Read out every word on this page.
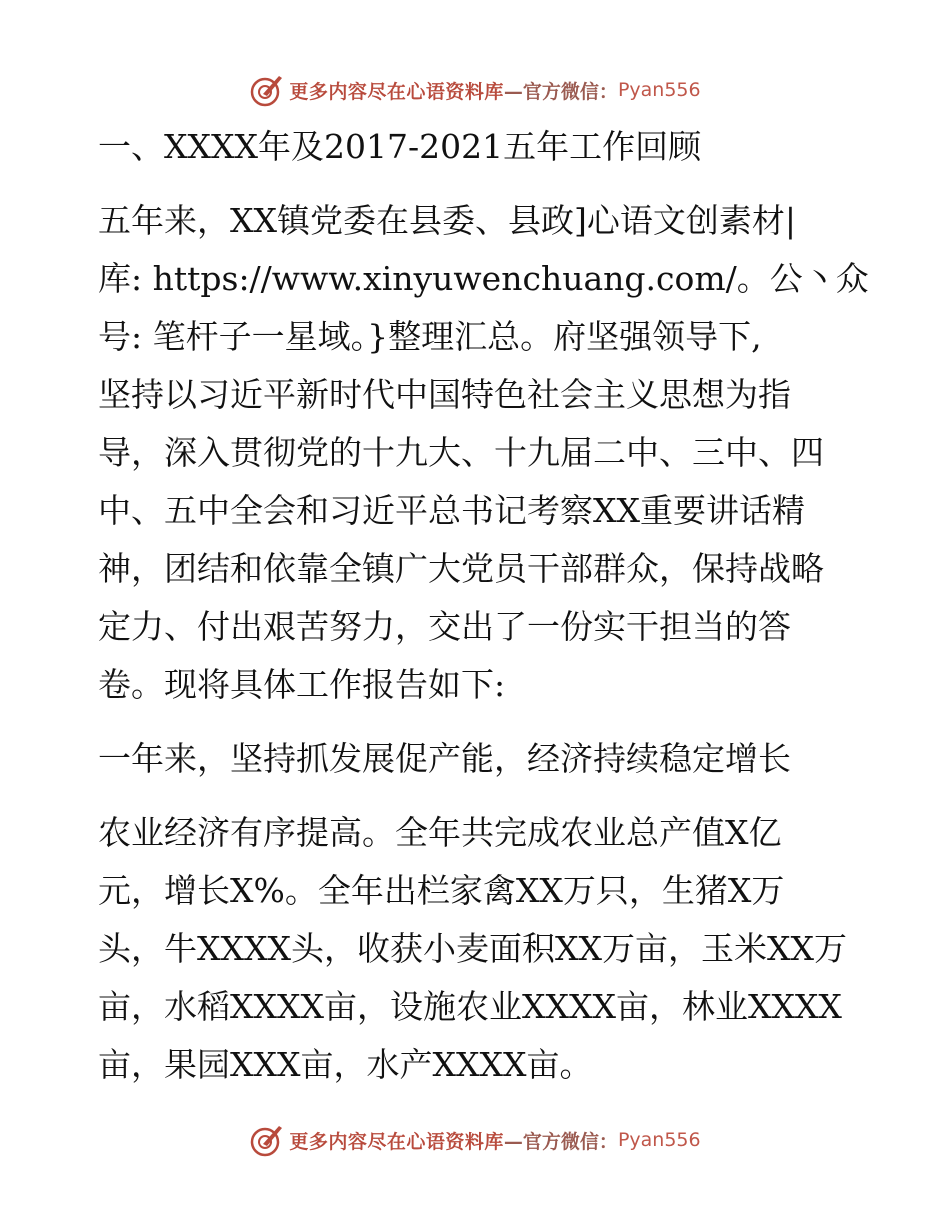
更多内容尽在心语资料库 —官方微信： Pyan556
一、XXXX年及2017-2021五年工作回顾
五年来，XX镇党委在县委、县政]心语文创素材|
库: https://www.xinyuwenchuang.com/。公丶众
号: 笔杆子一星域。}整理汇总。府坚强领导下,
坚持以习近平新时代中国特色社会主义思想为指
导，深入贯彻党的十九大、十九届二中、三中、四
中、五中全会和习近平总书记考察XX重要讲话精
神，团结和依靠全镇广大党员干部群众，保持战略
定力、付出艰苦努力，交出了一份实干担当的答
卷。现将具体工作报告如下:
一年来，坚持抓发展促产能，经济持续稳定增长
农业经济有序提高。全年共完成农业总产值X亿
元，增长X%。全年出栏家禽XX万只，生猪X万
头，牛XXXX头，收获小麦面积XX万亩，玉米XX万
亩，水稻XXXX亩，设施农业XXXX亩，林业XXXX
亩，果园XXX亩，水产XXXX亩。
更多内容尽在心语资料库 —官方微信： Pyan556
